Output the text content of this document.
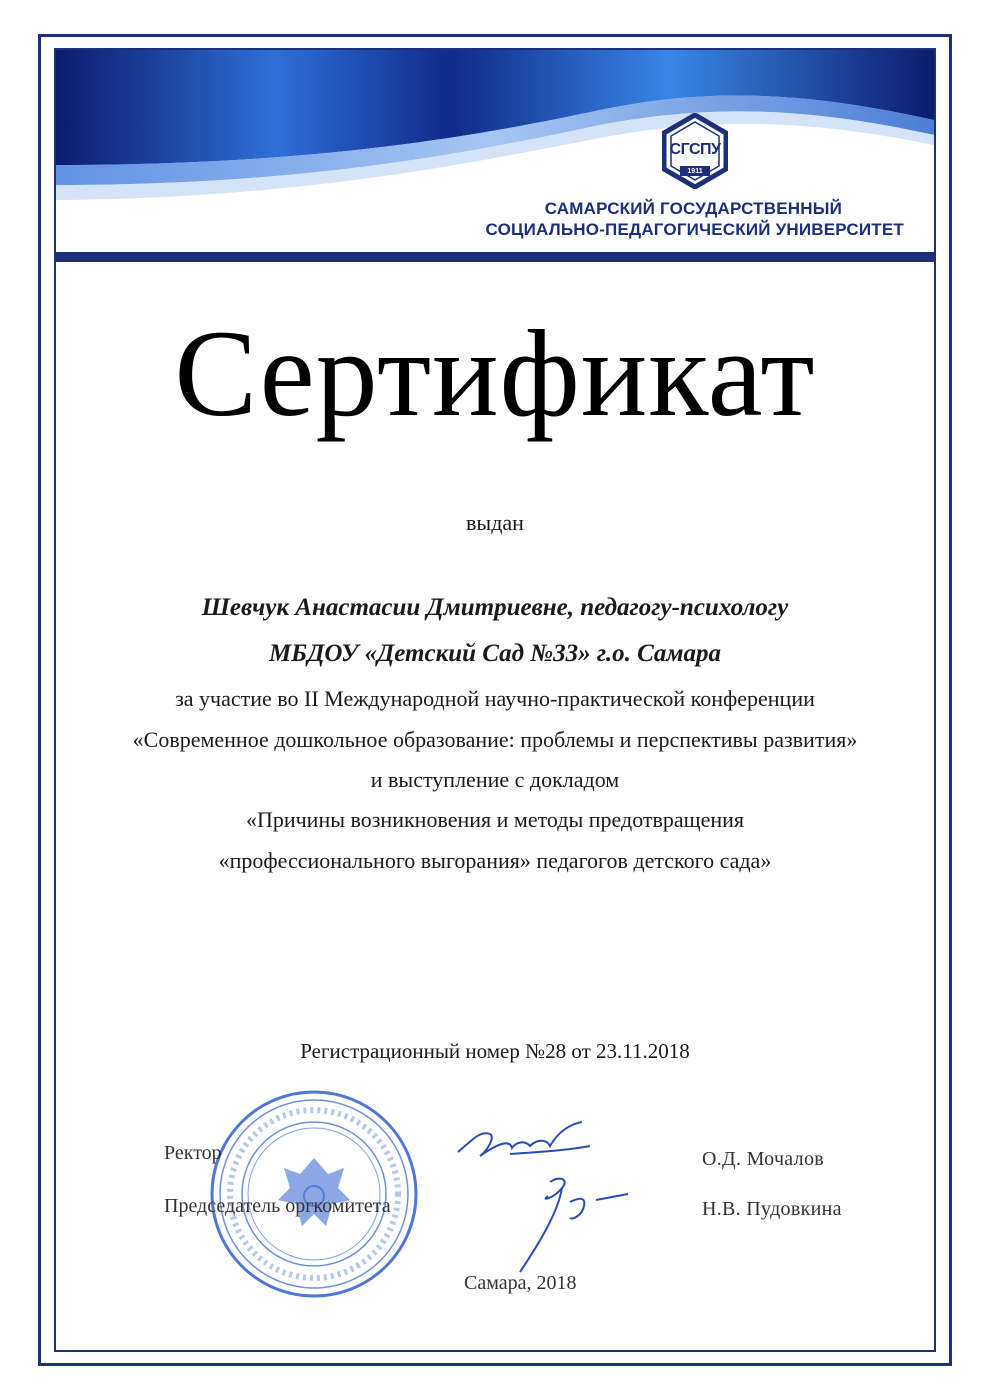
СГСПУ
1911
САМАРСКИЙ ГОСУДАРСТВЕННЫЙ
СОЦИАЛЬНО-ПЕДАГОГИЧЕСКИЙ УНИВЕРСИТЕТ
Сертификат
выдан
Шевчук Анастасии Дмитриевне, педагогу-психологу
МБДОУ «Детский Сад №33» г.о. Самара
за участие во II Международной научно-практической конференции
«Современное дошкольное образование: проблемы и перспективы развития»
и выступление с докладом
«Причины возникновения и методы предотвращения
«профессионального выгорания» педагогов детского сада»
Регистрационный номер №28 от 23.11.2018
Ректор
Председатель оргкомитета
О.Д. Мочалов
Н.В. Пудовкина
Самара, 2018
